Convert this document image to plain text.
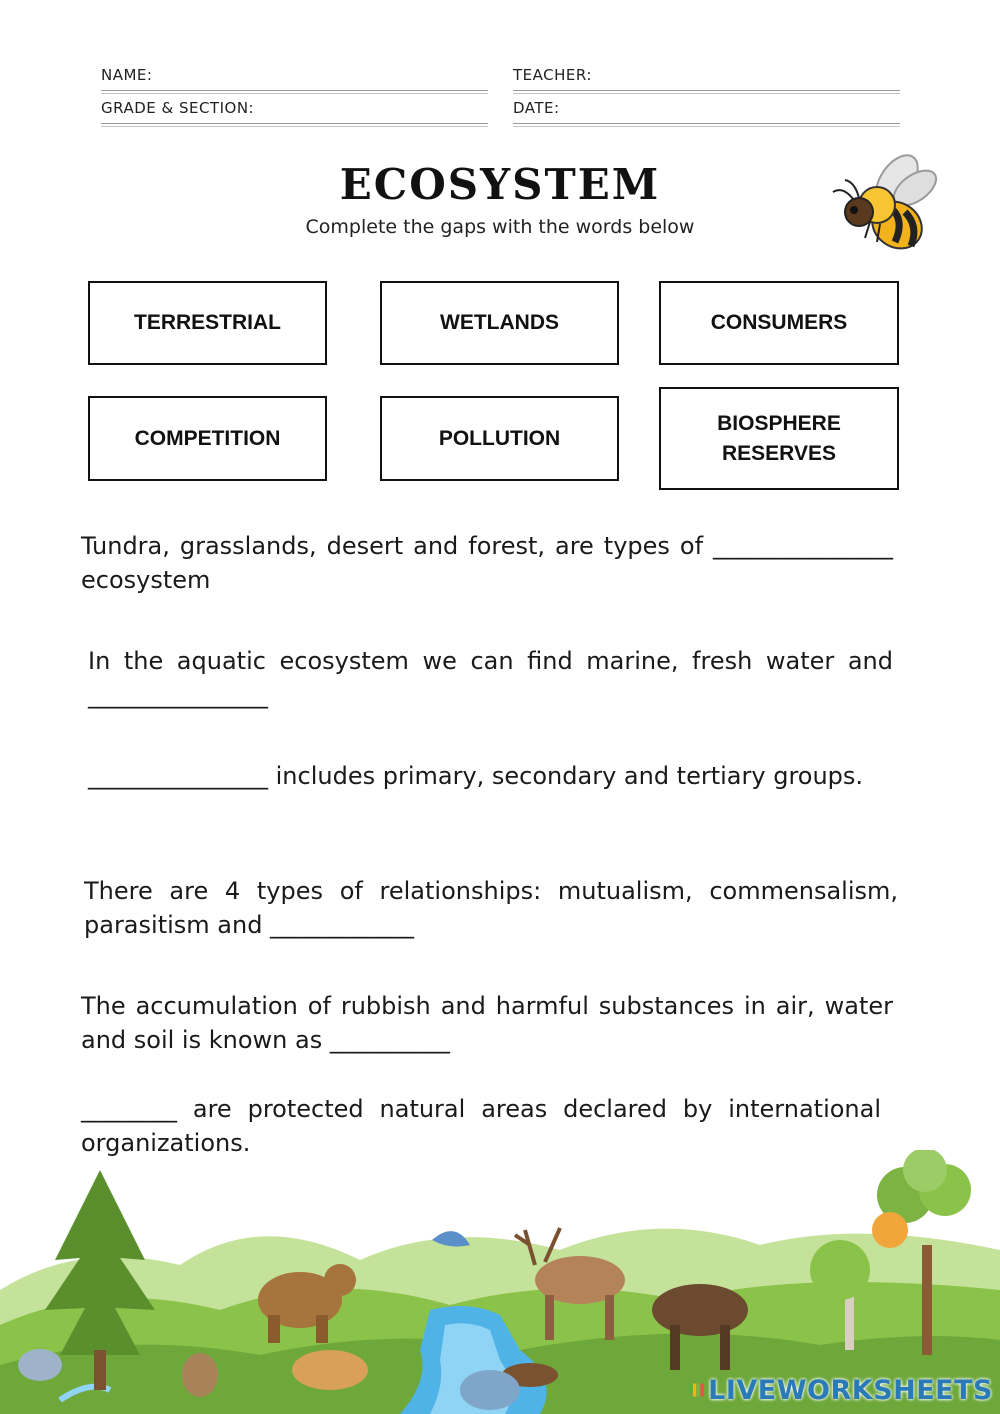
NAME:	TEACHER:
GRADE & SECTION:	DATE:
ECOSYSTEM
Complete the gaps with the words below
TERRESTRIAL	WETLANDS	CONSUMERS
COMPETITION	POLLUTION
BIOSPHERE
RESERVES
Tundra, grasslands, desert and forest, are types of _______________ ecosystem
In the aquatic ecosystem we can find marine, fresh water and _______________
_______________ includes primary, secondary and tertiary groups.
There are 4 types of relationships: mutualism, commensalism, parasitism and ____________
The accumulation of rubbish and harmful substances in air, water and soil is known as __________
________ are protected natural areas declared by international organizations.
LIVEWORKSHEETS
